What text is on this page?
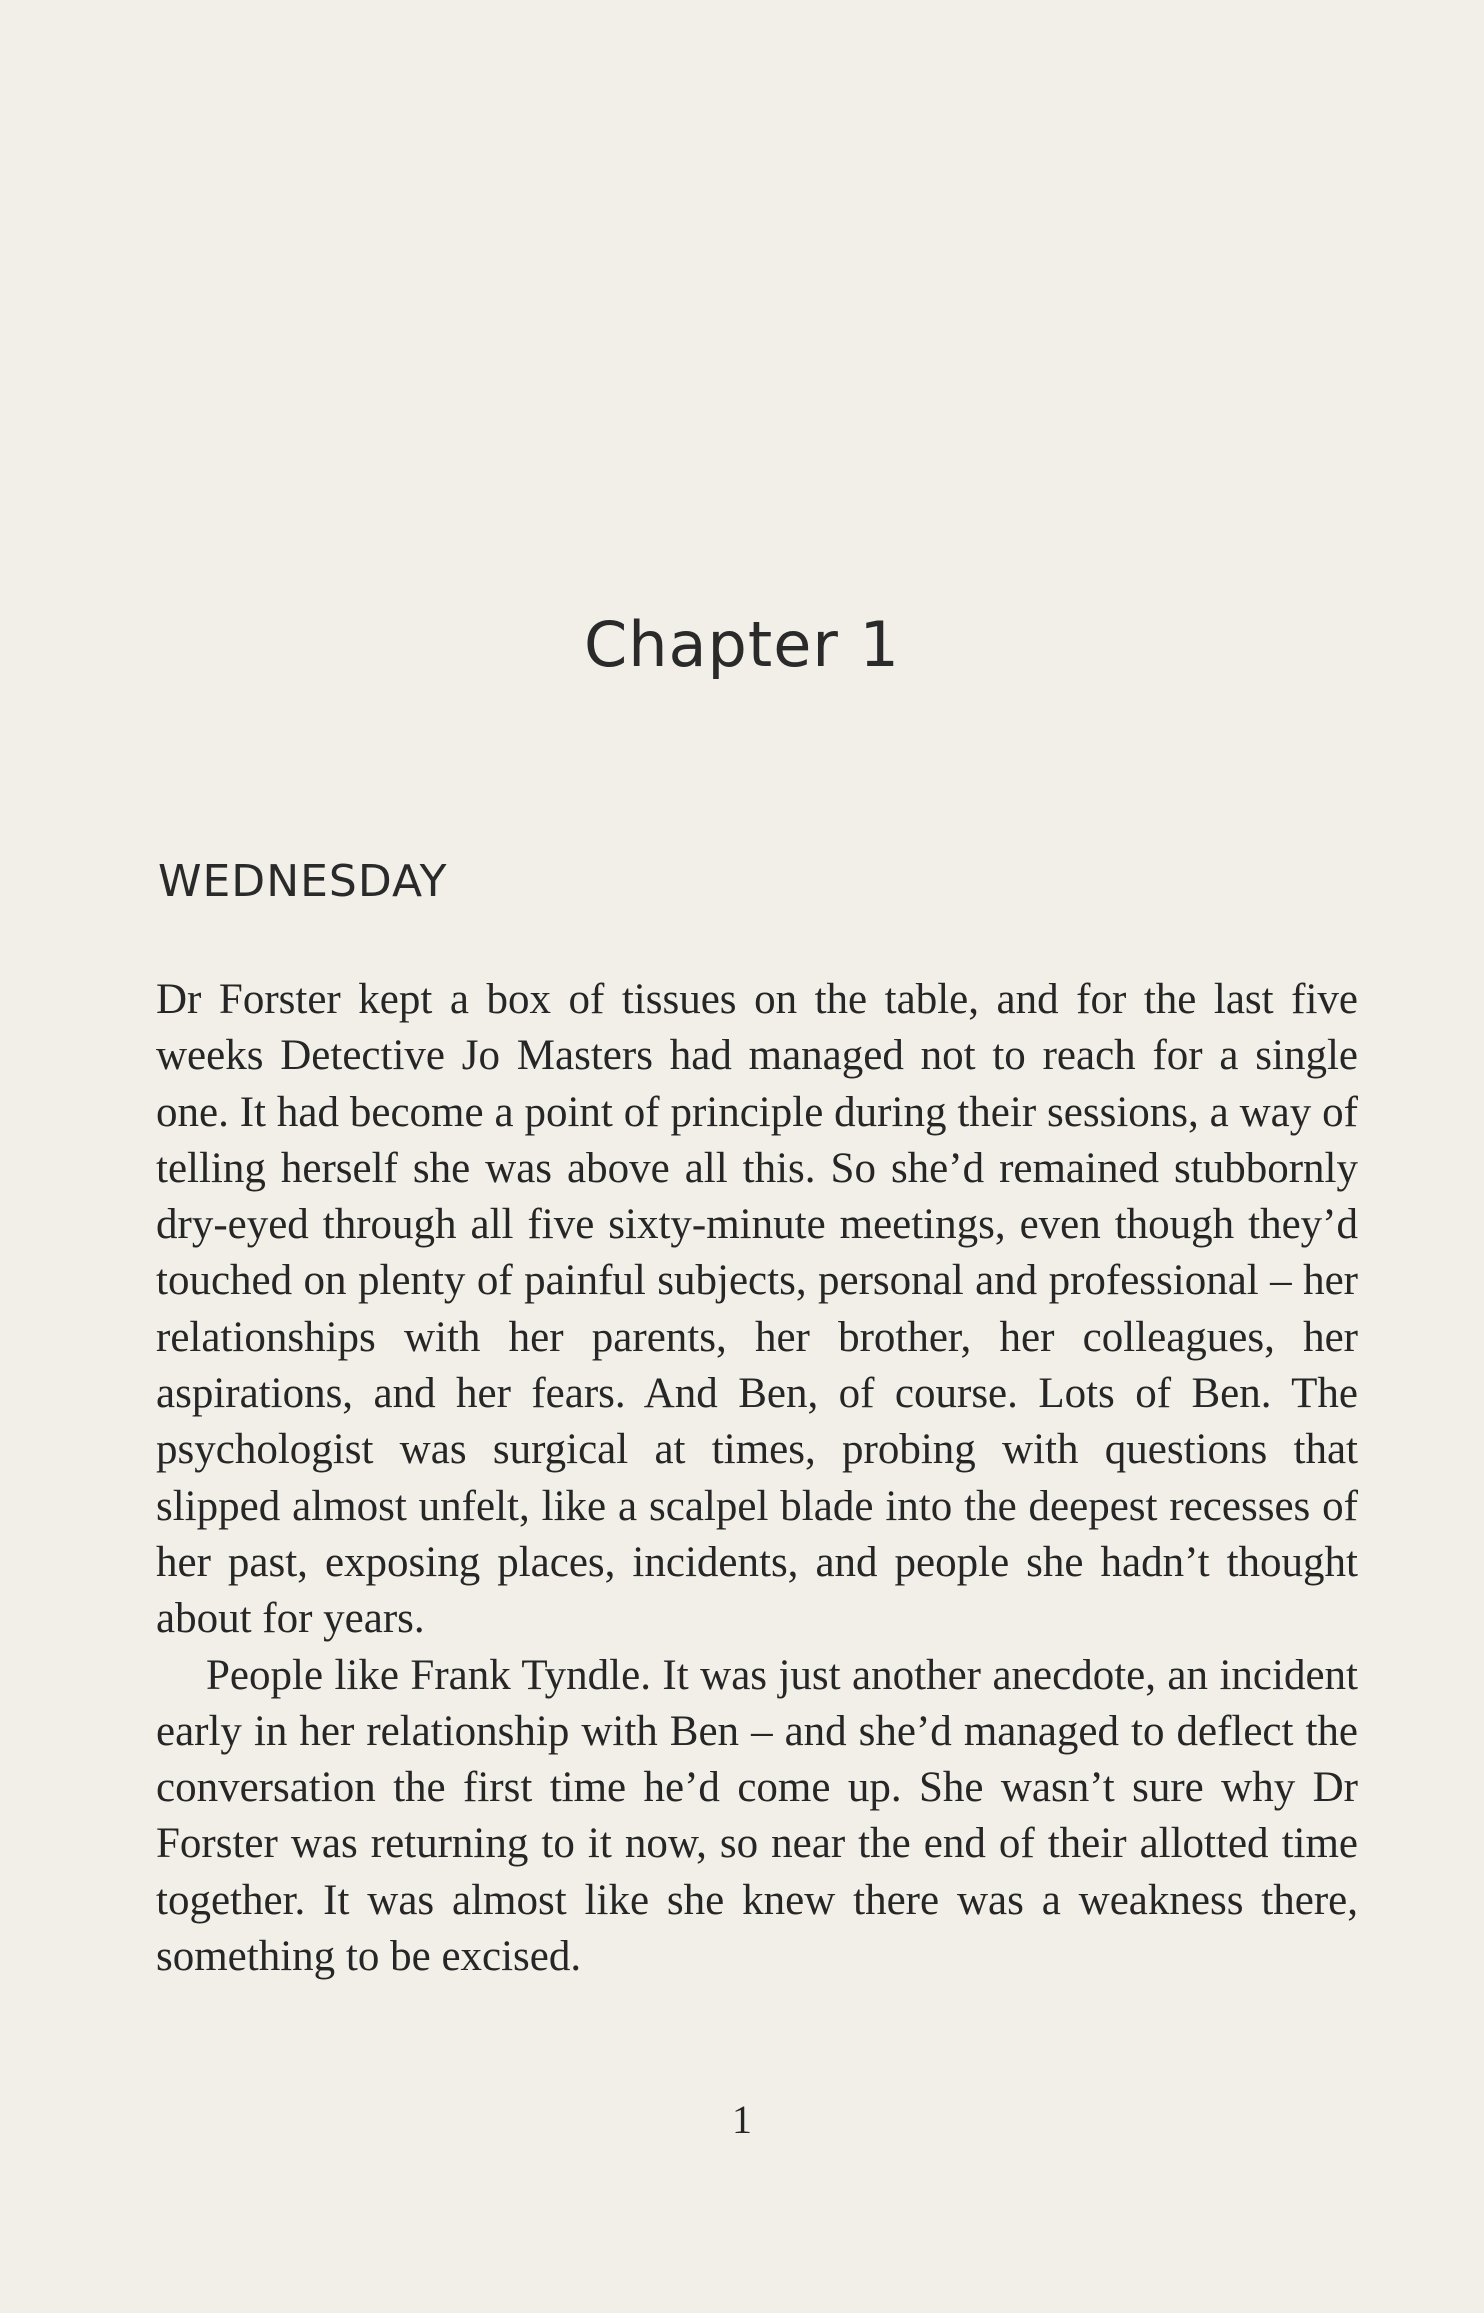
Chapter 1
WEDNESDAY

Dr Forster kept a box of tissues on the table, and for the last five weeks Detective Jo Masters had managed not to reach for a single one. It had become a point of principle during their sessions, a way of telling herself she was above all this. So she’d remained stubbornly dry-eyed through all five sixty-minute meetings, even though they’d touched on plenty of painful subjects, personal and professional – her relationships with her parents, her brother, her colleagues, her aspirations, and her fears. And Ben, of course. Lots of Ben. The psychologist was surgical at times, probing with questions that slipped almost unfelt, like a scalpel blade into the deepest recesses of her past, exposing places, incidents, and people she hadn’t thought about for years.

People like Frank Tyndle. It was just another anecdote, an incident early in her relationship with Ben – and she’d managed to deflect the conversation the first time he’d come up. She wasn’t sure why Dr Forster was returning to it now, so near the end of their allotted time together. It was almost like she knew there was a weakness there, something to be excised.

1
